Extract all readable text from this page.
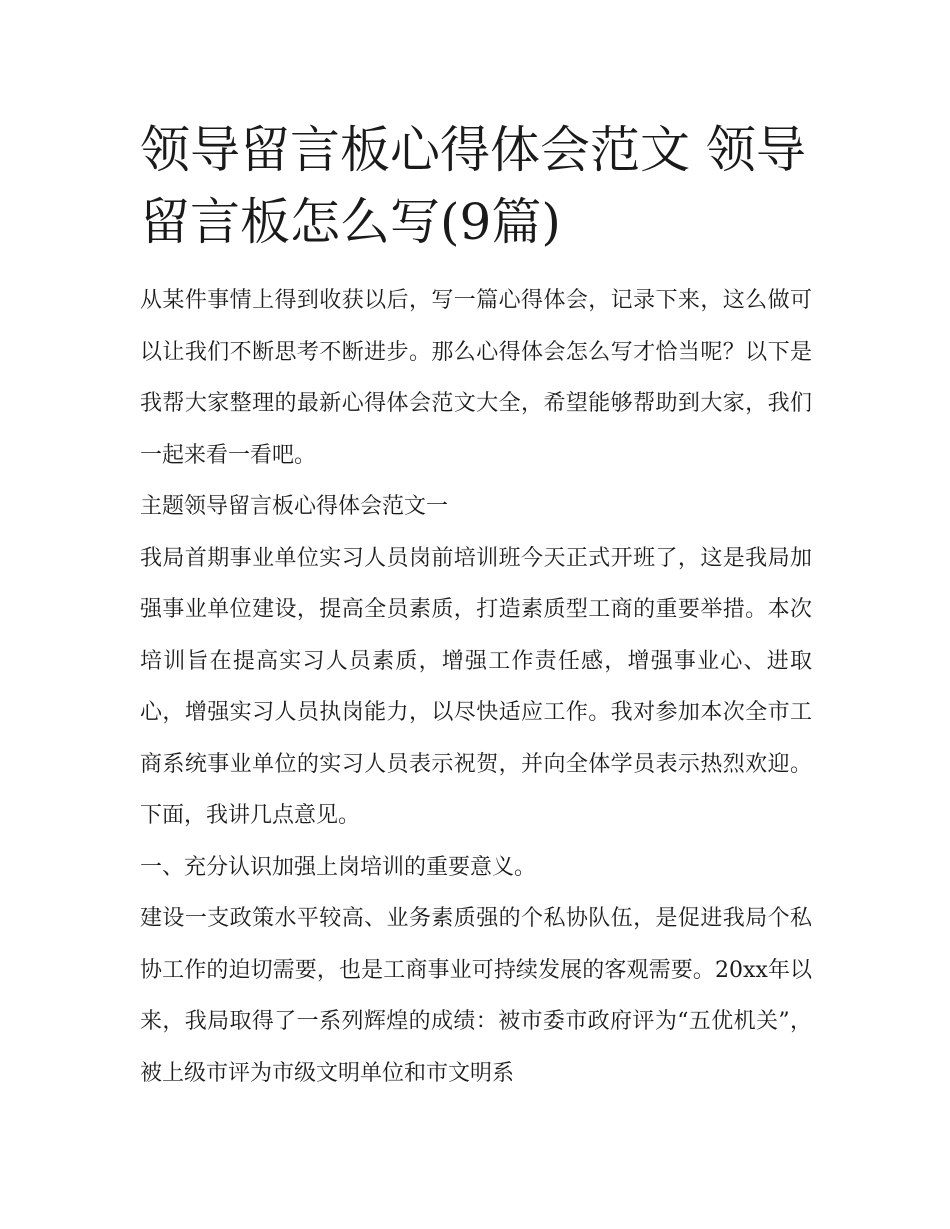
领导留言板心得体会范文 领导留言板怎么写(9篇)

从某件事情上得到收获以后，写一篇心得体会，记录下来，这么做可以让我们不断思考不断进步。那么心得体会怎么写才恰当呢？以下是我帮大家整理的最新心得体会范文大全，希望能够帮助到大家，我们一起来看一看吧。

主题领导留言板心得体会范文一

我局首期事业单位实习人员岗前培训班今天正式开班了，这是我局加强事业单位建设，提高全员素质，打造素质型工商的重要举措。本次培训旨在提高实习人员素质，增强工作责任感，增强事业心、进取心，增强实习人员执岗能力，以尽快适应工作。我对参加本次全市工商系统事业单位的实习人员表示祝贺，并向全体学员表示热烈欢迎。下面，我讲几点意见。

一、充分认识加强上岗培训的重要意义。

建设一支政策水平较高、业务素质强的个私协队伍，是促进我局个私协工作的迫切需要，也是工商事业可持续发展的客观需要。20xx年以来，我局取得了一系列辉煌的成绩：被市委市政府评为“五优机关”，被上级市评为市级文明单位和市文明系
